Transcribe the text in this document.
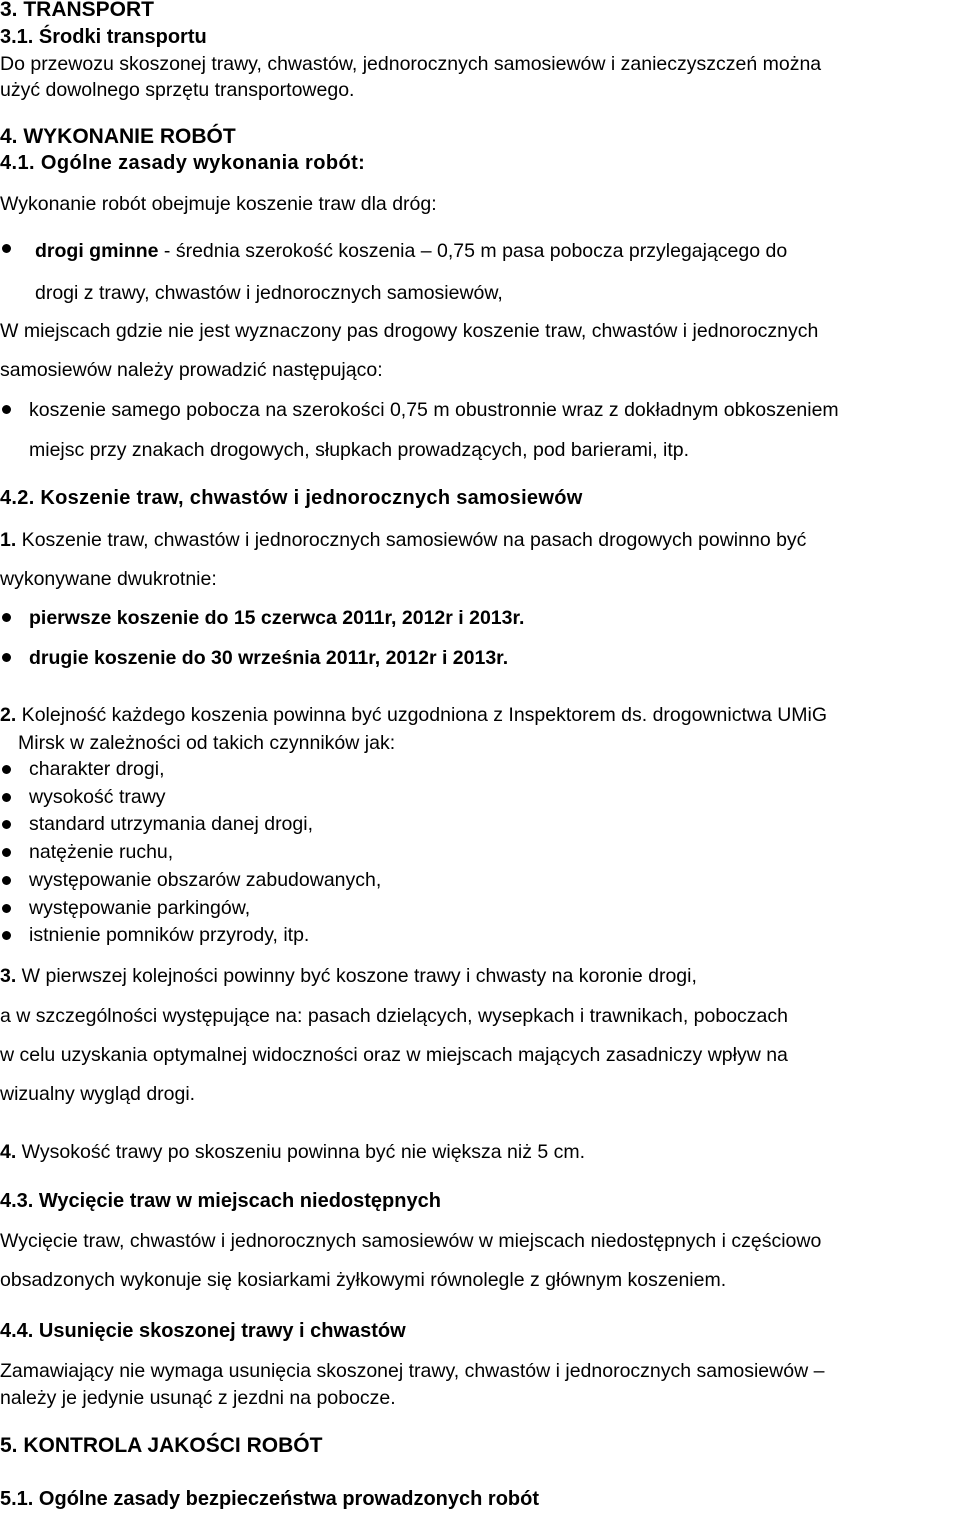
3. TRANSPORT

3.1. Środki transportu

Do przewozu skoszonej trawy, chwastów, jednorocznych samosiewów i zanieczyszczeń można

użyć dowolnego sprzętu transportowego.

4. WYKONANIE ROBÓT

4.1. Ogólne zasady wykonania robót:

Wykonanie robót obejmuje koszenie traw dla dróg:

drogi gminne - średnia szerokość koszenia – 0,75 m pasa pobocza przylegającego do

drogi z trawy, chwastów i jednorocznych samosiewów,

W miejscach gdzie nie jest wyznaczony pas drogowy koszenie traw, chwastów i jednorocznych

samosiewów należy prowadzić następująco:

koszenie samego pobocza na szerokości 0,75 m obustronnie wraz z dokładnym obkoszeniem

miejsc przy znakach drogowych, słupkach prowadzących, pod barierami, itp.

4.2. Koszenie traw, chwastów i jednorocznych samosiewów

1. Koszenie traw, chwastów i jednorocznych samosiewów na pasach drogowych powinno być

wykonywane dwukrotnie:

pierwsze koszenie do 15 czerwca 2011r, 2012r i 2013r.

drugie koszenie do 30 września 2011r, 2012r i 2013r.

2. Kolejność każdego koszenia powinna być uzgodniona z Inspektorem ds. drogownictwa UMiG

Mirsk w zależności od takich czynników jak:

charakter drogi,

wysokość trawy

standard utrzymania danej drogi,

natężenie ruchu,

występowanie obszarów zabudowanych,

występowanie parkingów,

istnienie pomników przyrody, itp.

3. W pierwszej kolejności powinny być koszone trawy i chwasty na koronie drogi,

a w szczególności występujące na: pasach dzielących, wysepkach i trawnikach, poboczach

w celu uzyskania optymalnej widoczności oraz w miejscach mających zasadniczy wpływ na

wizualny wygląd drogi.

4. Wysokość trawy po skoszeniu powinna być nie większa niż 5 cm.

4.3. Wycięcie traw w miejscach niedostępnych

Wycięcie traw, chwastów i jednorocznych samosiewów w miejscach niedostępnych i częściowo

obsadzonych wykonuje się kosiarkami żyłkowymi równolegle z głównym koszeniem.

4.4. Usunięcie skoszonej trawy i chwastów

Zamawiający nie wymaga usunięcia skoszonej trawy, chwastów i jednorocznych samosiewów –

należy je jedynie usunąć z jezdni na pobocze.

5. KONTROLA JAKOŚCI ROBÓT

5.1. Ogólne zasady bezpieczeństwa prowadzonych robót
